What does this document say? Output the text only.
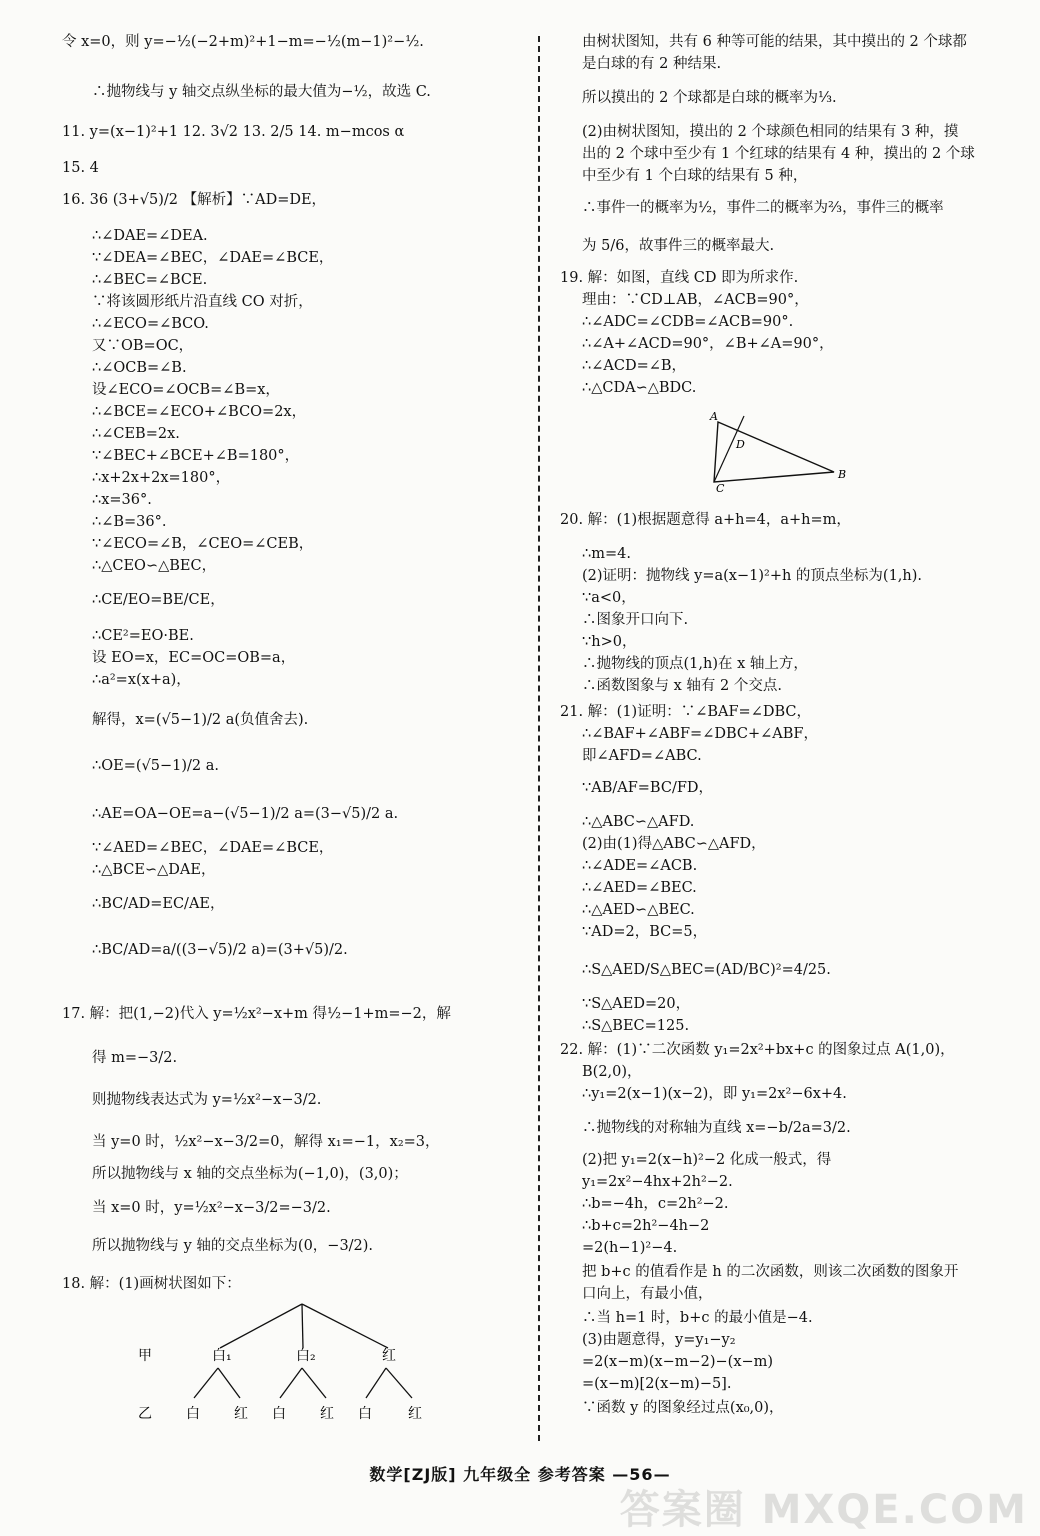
令 x=0，则 y=−½(−2+m)²+1−m=−½(m−1)²−½.
∴抛物线与 y 轴交点纵坐标的最大值为−½，故选 C.
11. y=(x−1)²+1 12. 3√2 13. 2/5 14. m−mcos α
15. 4
16. 36 (3+√5)/2 【解析】∵AD=DE，
∴∠DAE=∠DEA.
∵∠DEA=∠BEC，∠DAE=∠BCE，
∴∠BEC=∠BCE.
∵将该圆形纸片沿直线 CO 对折，
∴∠ECO=∠BCO.
又∵OB=OC，
∴∠OCB=∠B.
设∠ECO=∠OCB=∠B=x，
∴∠BCE=∠ECO+∠BCO=2x，
∴∠CEB=2x.
∵∠BEC+∠BCE+∠B=180°，
∴x+2x+2x=180°，
∴x=36°.
∴∠B=36°.
∵∠ECO=∠B，∠CEO=∠CEB，
∴△CEO∽△BEC，
∴CE/EO=BE/CE，
∴CE²=EO·BE.
设 EO=x，EC=OC=OB=a，
∴a²=x(x+a)，
解得，x=(√5−1)/2 a(负值舍去).
∴OE=(√5−1)/2 a.
∴AE=OA−OE=a−(√5−1)/2 a=(3−√5)/2 a.
∵∠AED=∠BEC，∠DAE=∠BCE，
∴△BCE∽△DAE，
∴BC/AD=EC/AE，
∴BC/AD=a/((3−√5)/2 a)=(3+√5)/2.
17. 解：把(1,−2)代入 y=½x²−x+m 得½−1+m=−2，解
得 m=−3/2.
则抛物线表达式为 y=½x²−x−3/2.
当 y=0 时，½x²−x−3/2=0，解得 x₁=−1，x₂=3，
所以抛物线与 x 轴的交点坐标为(−1,0)，(3,0)；
当 x=0 时，y=½x²−x−3/2=−3/2.
所以抛物线与 y 轴的交点坐标为(0，−3/2).
18. 解：(1)画树状图如下：
由树状图知，共有 6 种等可能的结果，其中摸出的 2 个球都
是白球的有 2 种结果.
所以摸出的 2 个球都是白球的概率为⅓.
(2)由树状图知，摸出的 2 个球颜色相同的结果有 3 种，摸
出的 2 个球中至少有 1 个红球的结果有 4 种，摸出的 2 个球
中至少有 1 个白球的结果有 5 种，
∴事件一的概率为½，事件二的概率为⅔，事件三的概率
为 5/6，故事件三的概率最大.
19. 解：如图，直线 CD 即为所求作.
理由：∵CD⊥AB，∠ACB=90°，
∴∠ADC=∠CDB=∠ACB=90°.
∴∠A+∠ACD=90°，∠B+∠A=90°，
∴∠ACD=∠B，
∴△CDA∽△BDC.
20. 解：(1)根据题意得 a+h=4，a+h=m，
∴m=4.
(2)证明：抛物线 y=a(x−1)²+h 的顶点坐标为(1,h).
∵a<0，
∴图象开口向下.
∵h>0，
∴抛物线的顶点(1,h)在 x 轴上方，
∴函数图象与 x 轴有 2 个交点.
21. 解：(1)证明：∵∠BAF=∠DBC，
∴∠BAF+∠ABF=∠DBC+∠ABF，
即∠AFD=∠ABC.
∵AB/AF=BC/FD，
∴△ABC∽△AFD.
(2)由(1)得△ABC∽△AFD，
∴∠ADE=∠ACB.
∴∠AED=∠BEC.
∴△AED∽△BEC.
∵AD=2，BC=5，
∴S△AED/S△BEC=(AD/BC)²=4/25.
∵S△AED=20，
∴S△BEC=125.
22. 解：(1)∵二次函数 y₁=2x²+bx+c 的图象过点 A(1,0)，
B(2,0)，
∴y₁=2(x−1)(x−2)，即 y₁=2x²−6x+4.
∴抛物线的对称轴为直线 x=−b/2a=3/2.
(2)把 y₁=2(x−h)²−2 化成一般式，得
y₁=2x²−4hx+2h²−2.
∴b=−4h，c=2h²−2.
∴b+c=2h²−4h−2
=2(h−1)²−4.
把 b+c 的值看作是 h 的二次函数，则该二次函数的图象开
口向上，有最小值，
∴当 h=1 时，b+c 的最小值是−4.
(3)由题意得，y=y₁−y₂
=2(x−m)(x−m−2)−(x−m)
=(x−m)[2(x−m)−5].
∵函数 y 的图象经过点(x₀,0)，
甲	白₁	白₂	红
乙 白 红 白 红 白	红
A
B
C
D
数学[ZJ版] 九年级全 参考答案 —56—
答案圈 MXQE.COM
